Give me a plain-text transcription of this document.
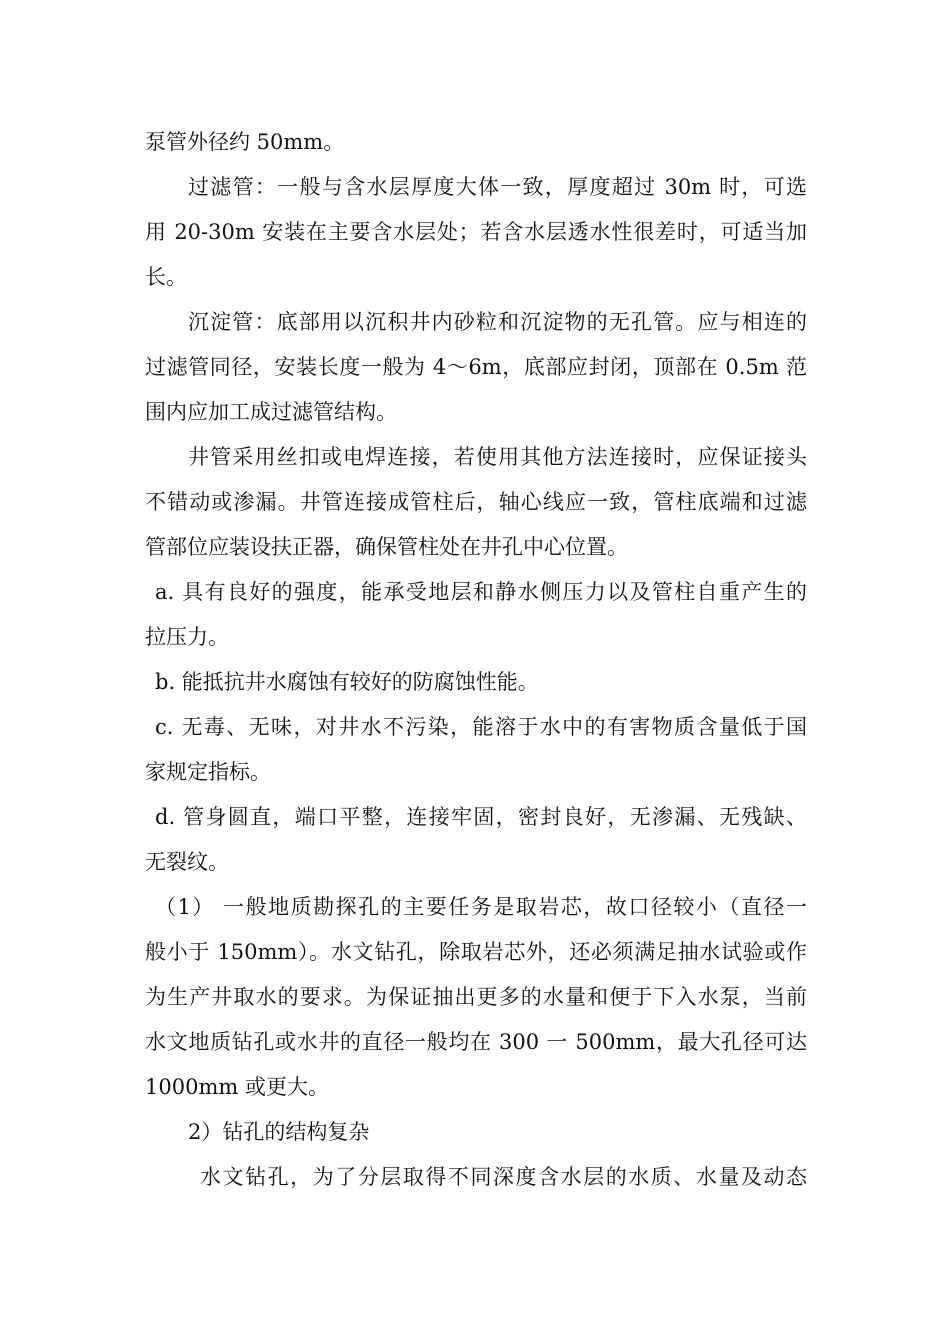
泵管外径约 50mm。
过滤管：一般与含水层厚度大体一致，厚度超过 30m 时，可选
用 20-30m 安装在主要含水层处；若含水层透水性很差时，可适当加
长。
沉淀管：底部用以沉积井内砂粒和沉淀物的无孔管。应与相连的
过滤管同径，安装长度一般为 4～6m，底部应封闭，顶部在 0.5m 范
围内应加工成过滤管结构。
井管采用丝扣或电焊连接，若使用其他方法连接时，应保证接头
不错动或渗漏。井管连接成管柱后，轴心线应一致，管柱底端和过滤
管部位应装设扶正器，确保管柱处在井孔中心位置。
a. 具有良好的强度，能承受地层和静水侧压力以及管柱自重产生的
拉压力。
b. 能抵抗井水腐蚀有较好的防腐蚀性能。
c. 无毒、无味，对井水不污染，能溶于水中的有害物质含量低于国
家规定指标。
d. 管身圆直，端口平整，连接牢固，密封良好，无渗漏、无残缺、
无裂纹。
（1） 一般地质勘探孔的主要任务是取岩芯，故口径较小（直径一
般小于 150mm）。水文钻孔，除取岩芯外，还必须满足抽水试验或作
为生产井取水的要求。为保证抽出更多的水量和便于下入水泵，当前
水文地质钻孔或水井的直径一般均在 300 一 500mm，最大孔径可达
1000mm 或更大。
2）钻孔的结构复杂
水文钻孔，为了分层取得不同深度含水层的水质、水量及动态
